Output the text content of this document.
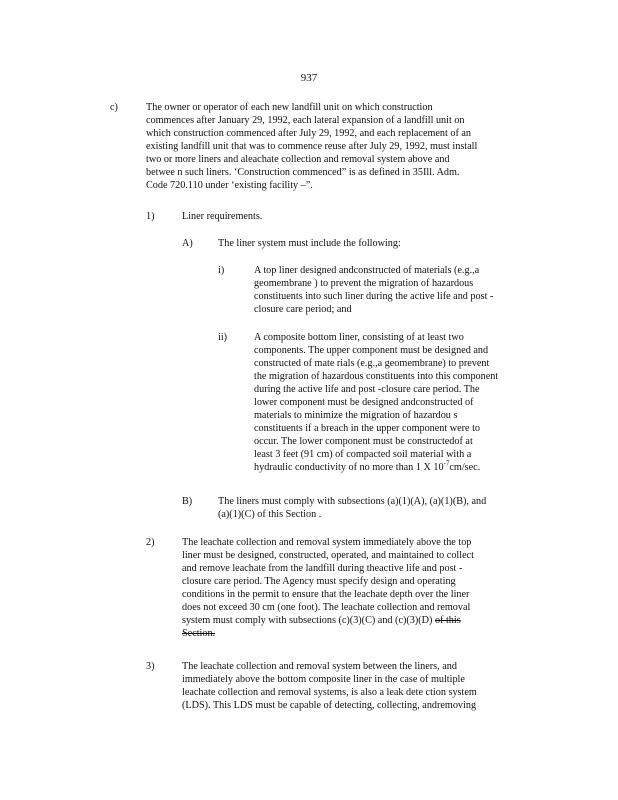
937
c)	The owner or operator of each new landfill unit on which construction
commences after January 29, 1992, each lateral expansion of a landfill unit on
which construction commenced after July 29, 1992, and each replacement of an
existing landfill unit that was to commence reuse after July 29, 1992, must install
two or more liners and aleachate collection and removal system above and
betwee n such liners. ‘Construction commenced” is as defined in 35Ill. Adm.
Code 720.110 under ‘existing facility –”.
1)	Liner requirements.
A) The liner system must include the following:
i)	A top liner designed andconstructed of materials (e.g.,a
geomembrane ) to prevent the migration of hazardous
constituents into such liner during the active life and post -
closure care period; and
ii)	A composite bottom liner, consisting of at least two
components. The upper component must be designed and
constructed of mate rials (e.g.,a geomembrane) to prevent
the migration of hazardous constituents into this component
during the active life and post -closure care period. The
lower component must be designed andconstructed of
materials to minimize the migration of hazardou s
constituents if a breach in the upper component were to
occur. The lower component must be constructedof at
least 3 feet (91 cm) of compacted soil material with a
hydraulic conductivity of no more than 1 X $10^{-7}cm/\sec$.
B)	The liners must comply with subsections (a)(1)(A), (a)(1)(B), and
(a)(1)(C) of this Section .
2)	The leachate collection and removal system immediately above the top
liner must be designed, constructed, operated, and maintained to collect
and remove leachate from the landfill during theactive life and post -
closure care period. The Agency must specify design and operating
conditions in the permit to ensure that the leachate depth over the liner
does not exceed 30 cm (one foot). The leachate collection and removal
system must comply with subsections (c)(3)(C) and (c)(3)(D) of this
Section.
3)	The leachate collection and removal system between the liners, and
immediately above the bottom composite liner in the case of multiple
leachate collection and removal systems, is also a leak dete ction system
(LDS). This LDS must be capable of detecting, collecting, andremoving
